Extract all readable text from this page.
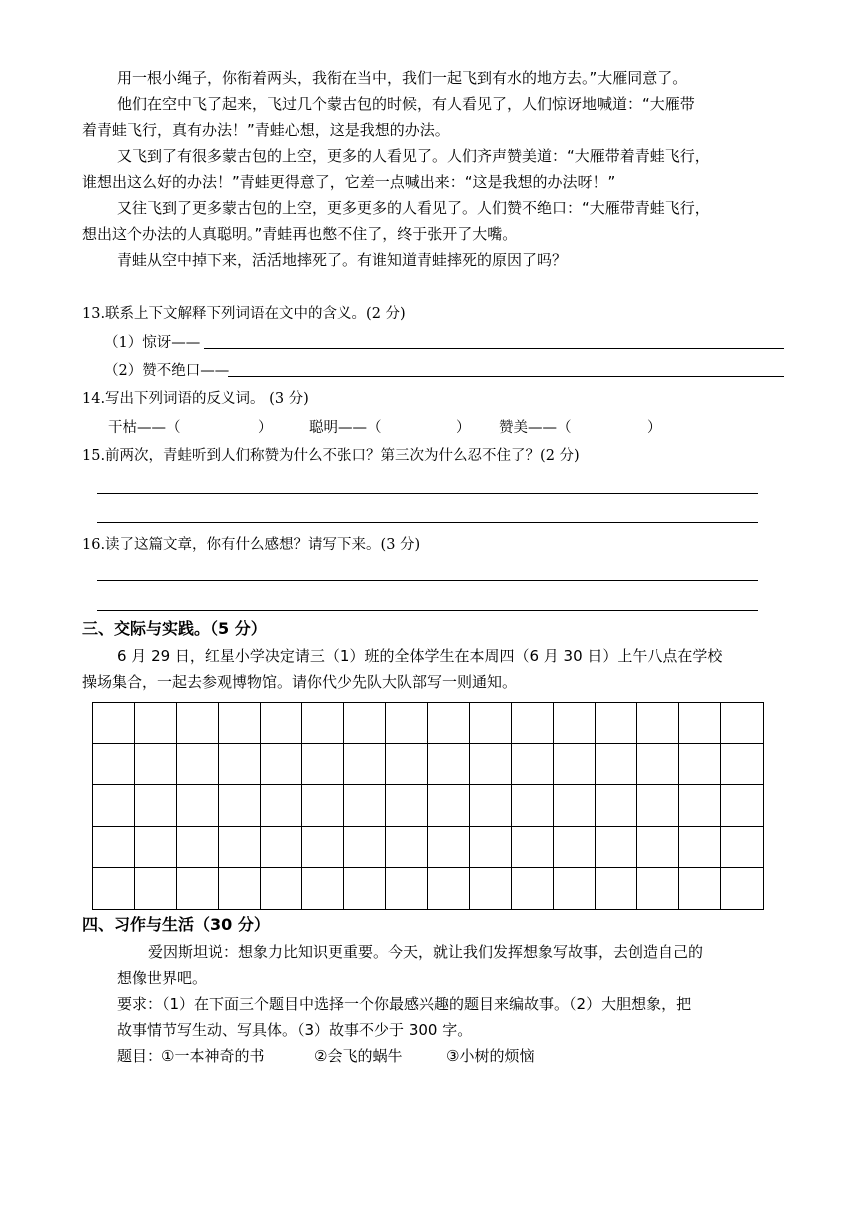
用一根小绳子，你衔着两头，我衔在当中，我们一起飞到有水的地方去。”大雁同意了。
他们在空中飞了起来，飞过几个蒙古包的时候，有人看见了，人们惊讶地喊道：“大雁带
着青蛙飞行，真有办法！”青蛙心想，这是我想的办法。
又飞到了有很多蒙古包的上空，更多的人看见了。人们齐声赞美道：“大雁带着青蛙飞行，
谁想出这么好的办法！”青蛙更得意了，它差一点喊出来：“这是我想的办法呀！”
又往飞到了更多蒙古包的上空，更多更多的人看见了。人们赞不绝口：“大雁带青蛙飞行，
想出这个办法的人真聪明。”青蛙再也憋不住了，终于张开了大嘴。
青蛙从空中掉下来，活活地摔死了。有谁知道青蛙摔死的原因了吗？
13.联系上下文解释下列词语在文中的含义。(2 分)
（1）惊讶——
（2）赞不绝口——
14.写出下列词语的反义词。 (3 分)
干枯——（	）	聪明——（	） 赞美——（	）
15.前两次，青蛙听到人们称赞为什么不张口？第三次为什么忍不住了？(2 分)
16.读了这篇文章，你有什么感想？请写下来。(3 分)
三、交际与实践。（5 分）
6 月 29 日，红星小学决定请三（1）班的全体学生在本周四（6 月 30 日）上午八点在学校
操场集合，一起去参观博物馆。请你代少先队大队部写一则通知。
四、习作与生活（30 分）
爱因斯坦说：想象力比知识更重要。今天，就让我们发挥想象写故事，去创造自己的
想像世界吧。
要求：（1）在下面三个题目中选择一个你最感兴趣的题目来编故事。（2）大胆想象，把
故事情节写生动、写具体。（3）故事不少于 300 字。
题目：
①一本神奇的书	②会飞的蜗牛	③小树的烦恼
